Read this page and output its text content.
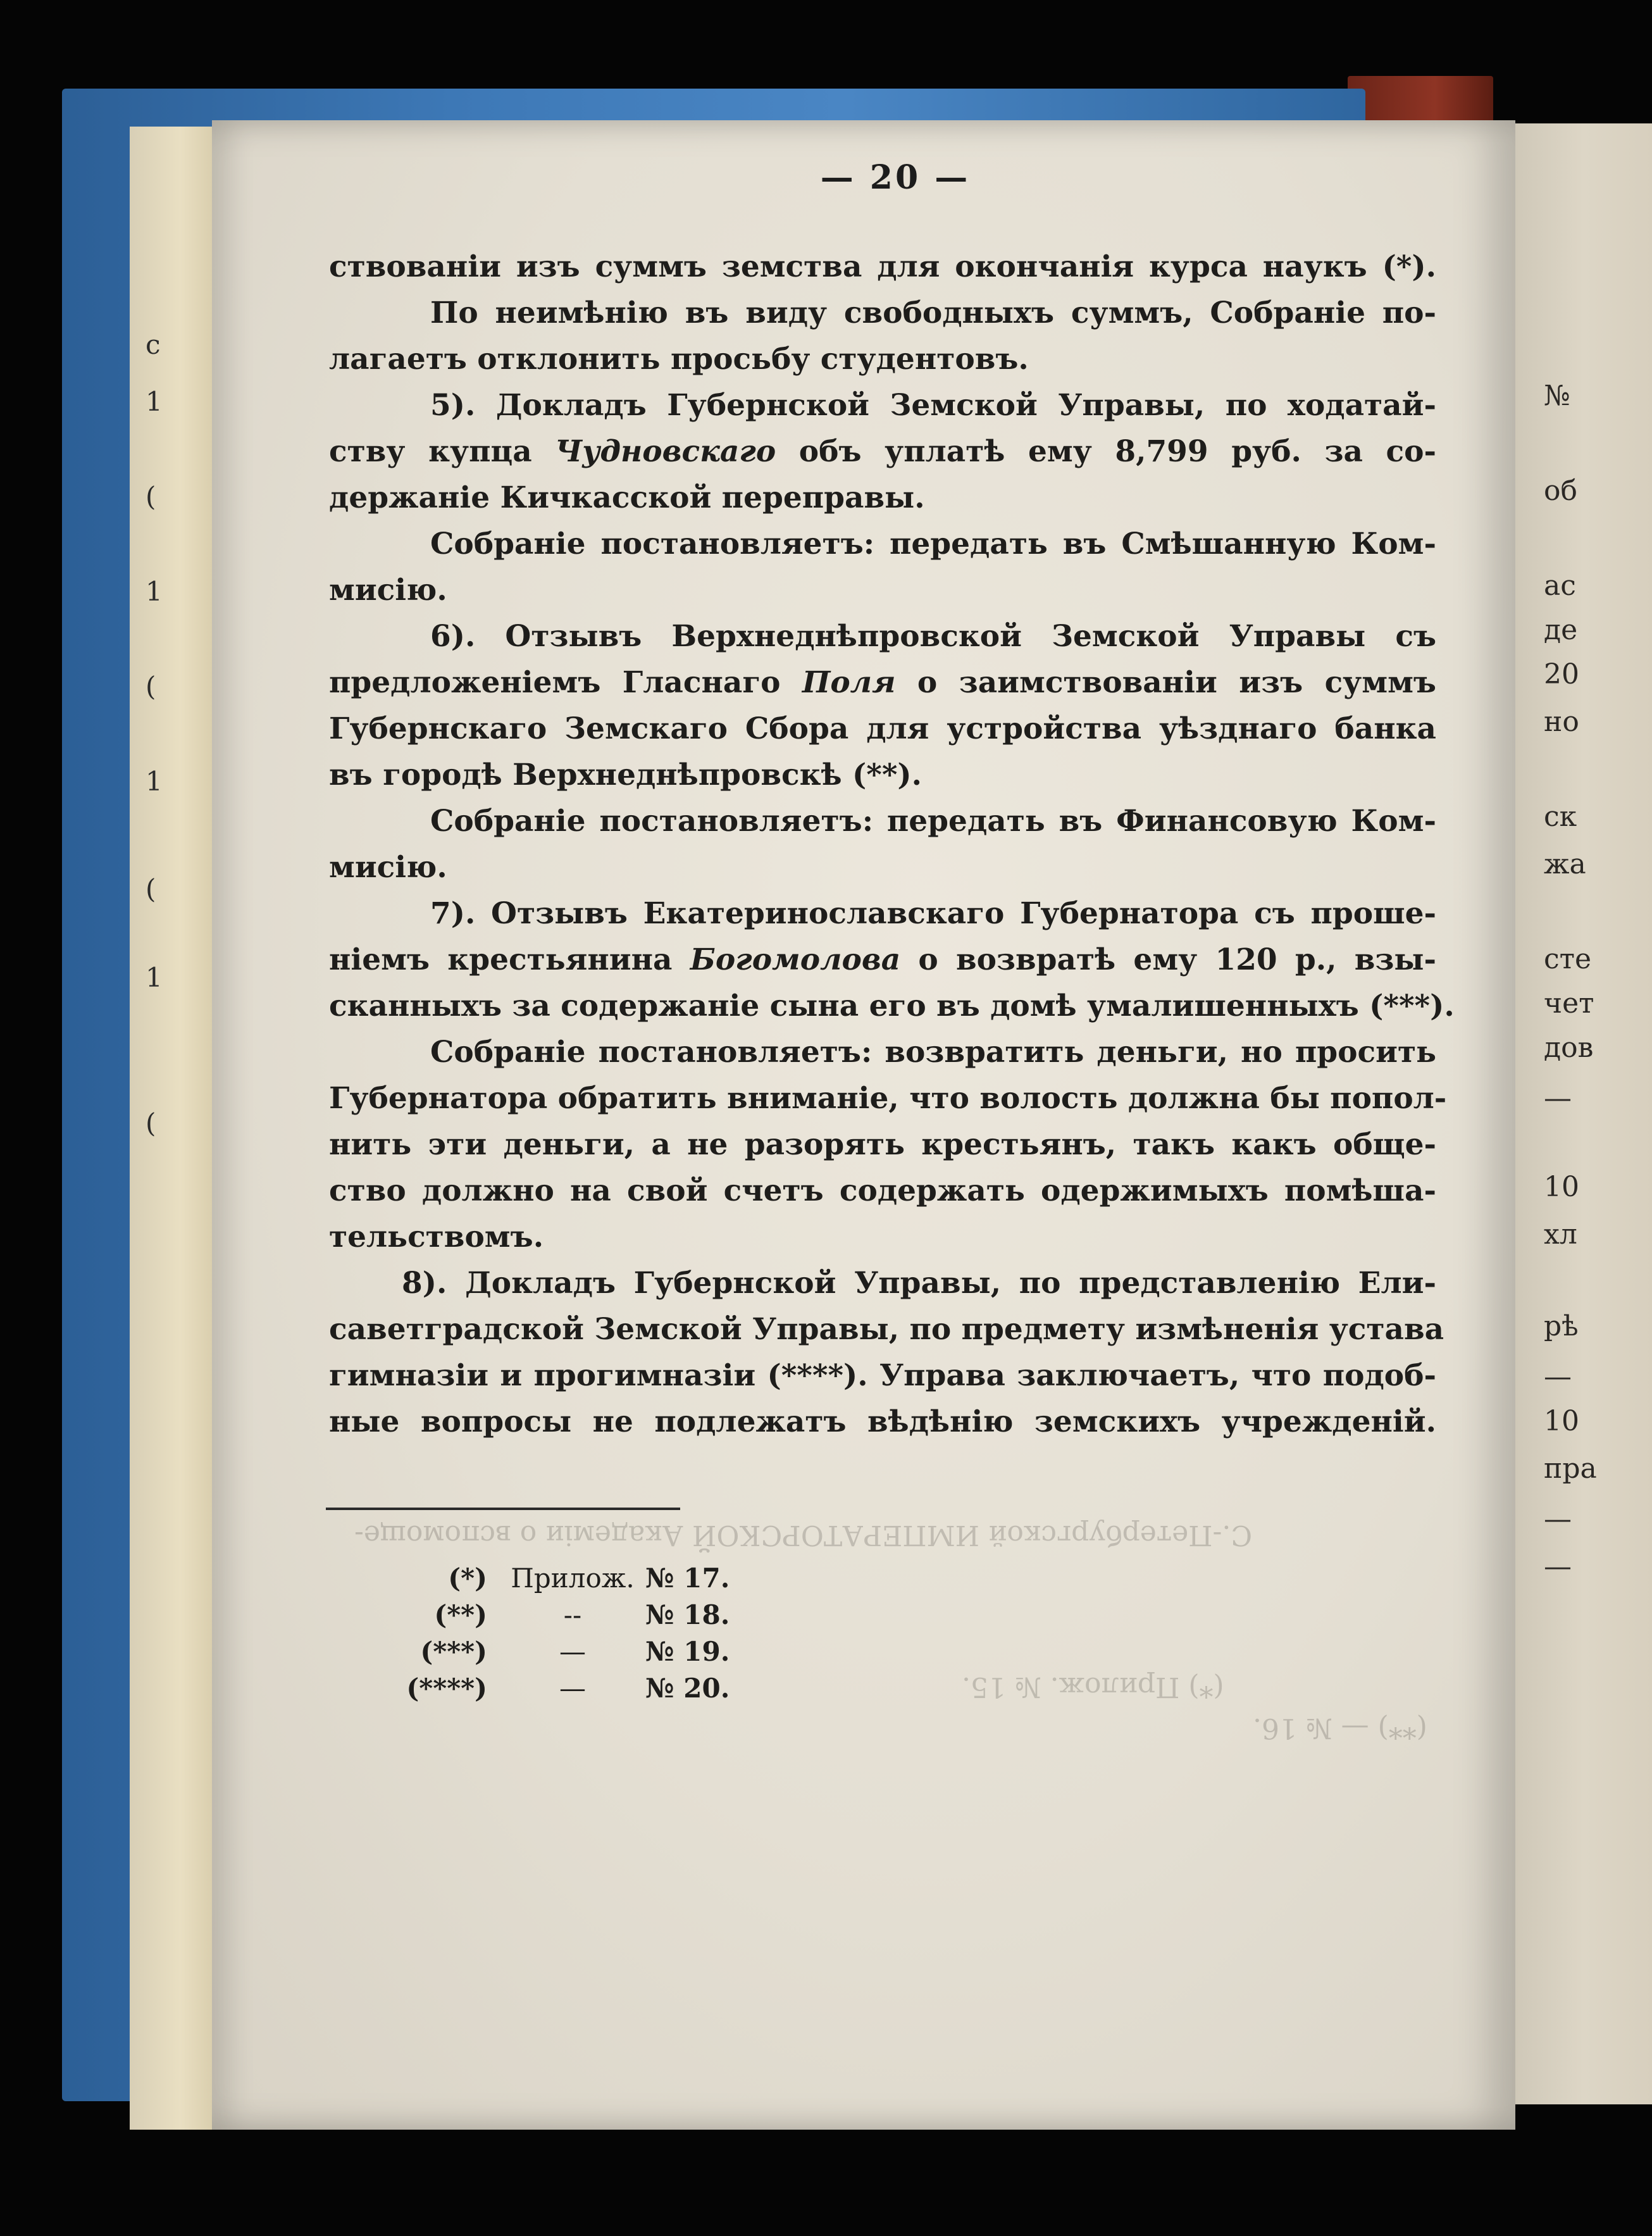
c
1
(
1
(
1
(
1
(
С.-Петербургской ИМПЕРАТОРСКОЙ Академіи о вспомоще-
(*) Прилож. № 15.
(**) — № 16.
— 20 —
ствованіи изъ суммъ земства для окончанія курса наукъ (*).
По неимѣнію въ виду свободныхъ суммъ, Собраніе по-
лагаетъ отклонить просьбу студентовъ.
5). Докладъ Губернской Земской Управы, по ходатай-
ству купца Чудновскаго объ уплатѣ ему 8,799 руб. за со-
держаніе Кичкасской переправы.
Собраніе постановляетъ: передать въ Смѣшанную Ком-
мисію.
6). Отзывъ Верхнеднѣпровской Земской Управы съ
предложеніемъ Гласнаго Поля о заимствованіи изъ суммъ
Губернскаго Земскаго Сбора для устройства уѣзднаго банка
въ городѣ Верхнеднѣпровскѣ (**).
Собраніе постановляетъ: передать въ Финансовую Ком-
мисію.
7). Отзывъ Екатеринославскаго Губернатора съ проше-
ніемъ крестьянина Богомолова о возвратѣ ему 120 р., взы-
сканныхъ за содержаніе сына его въ домѣ умалишенныхъ (***).
Собраніе постановляетъ: возвратить деньги, но просить
Губернатора обратить вниманіе, что волость должна бы попол-
нить эти деньги, а не разорять крестьянъ, такъ какъ обще-
ство должно на свой счетъ содержать одержимыхъ помѣша-
тельствомъ.
8). Докладъ Губернской Управы, по представленію Ели-
саветградской Земской Управы, по предмету измѣненія устава
гимназіи и прогимназіи (****). Управа заключаетъ, что подоб-
ные вопросы не подлежатъ вѣдѣнію земскихъ учрежденій.
(*) Прилож. № 17.
(**)	--	№ 18.
(***)	—	№ 19.
(****)	—	№ 20.
№
об
ас
де
20
но
ск
жа
сте
чет
дов
—
10
хл
рѣ
—
10
пра
—
—
